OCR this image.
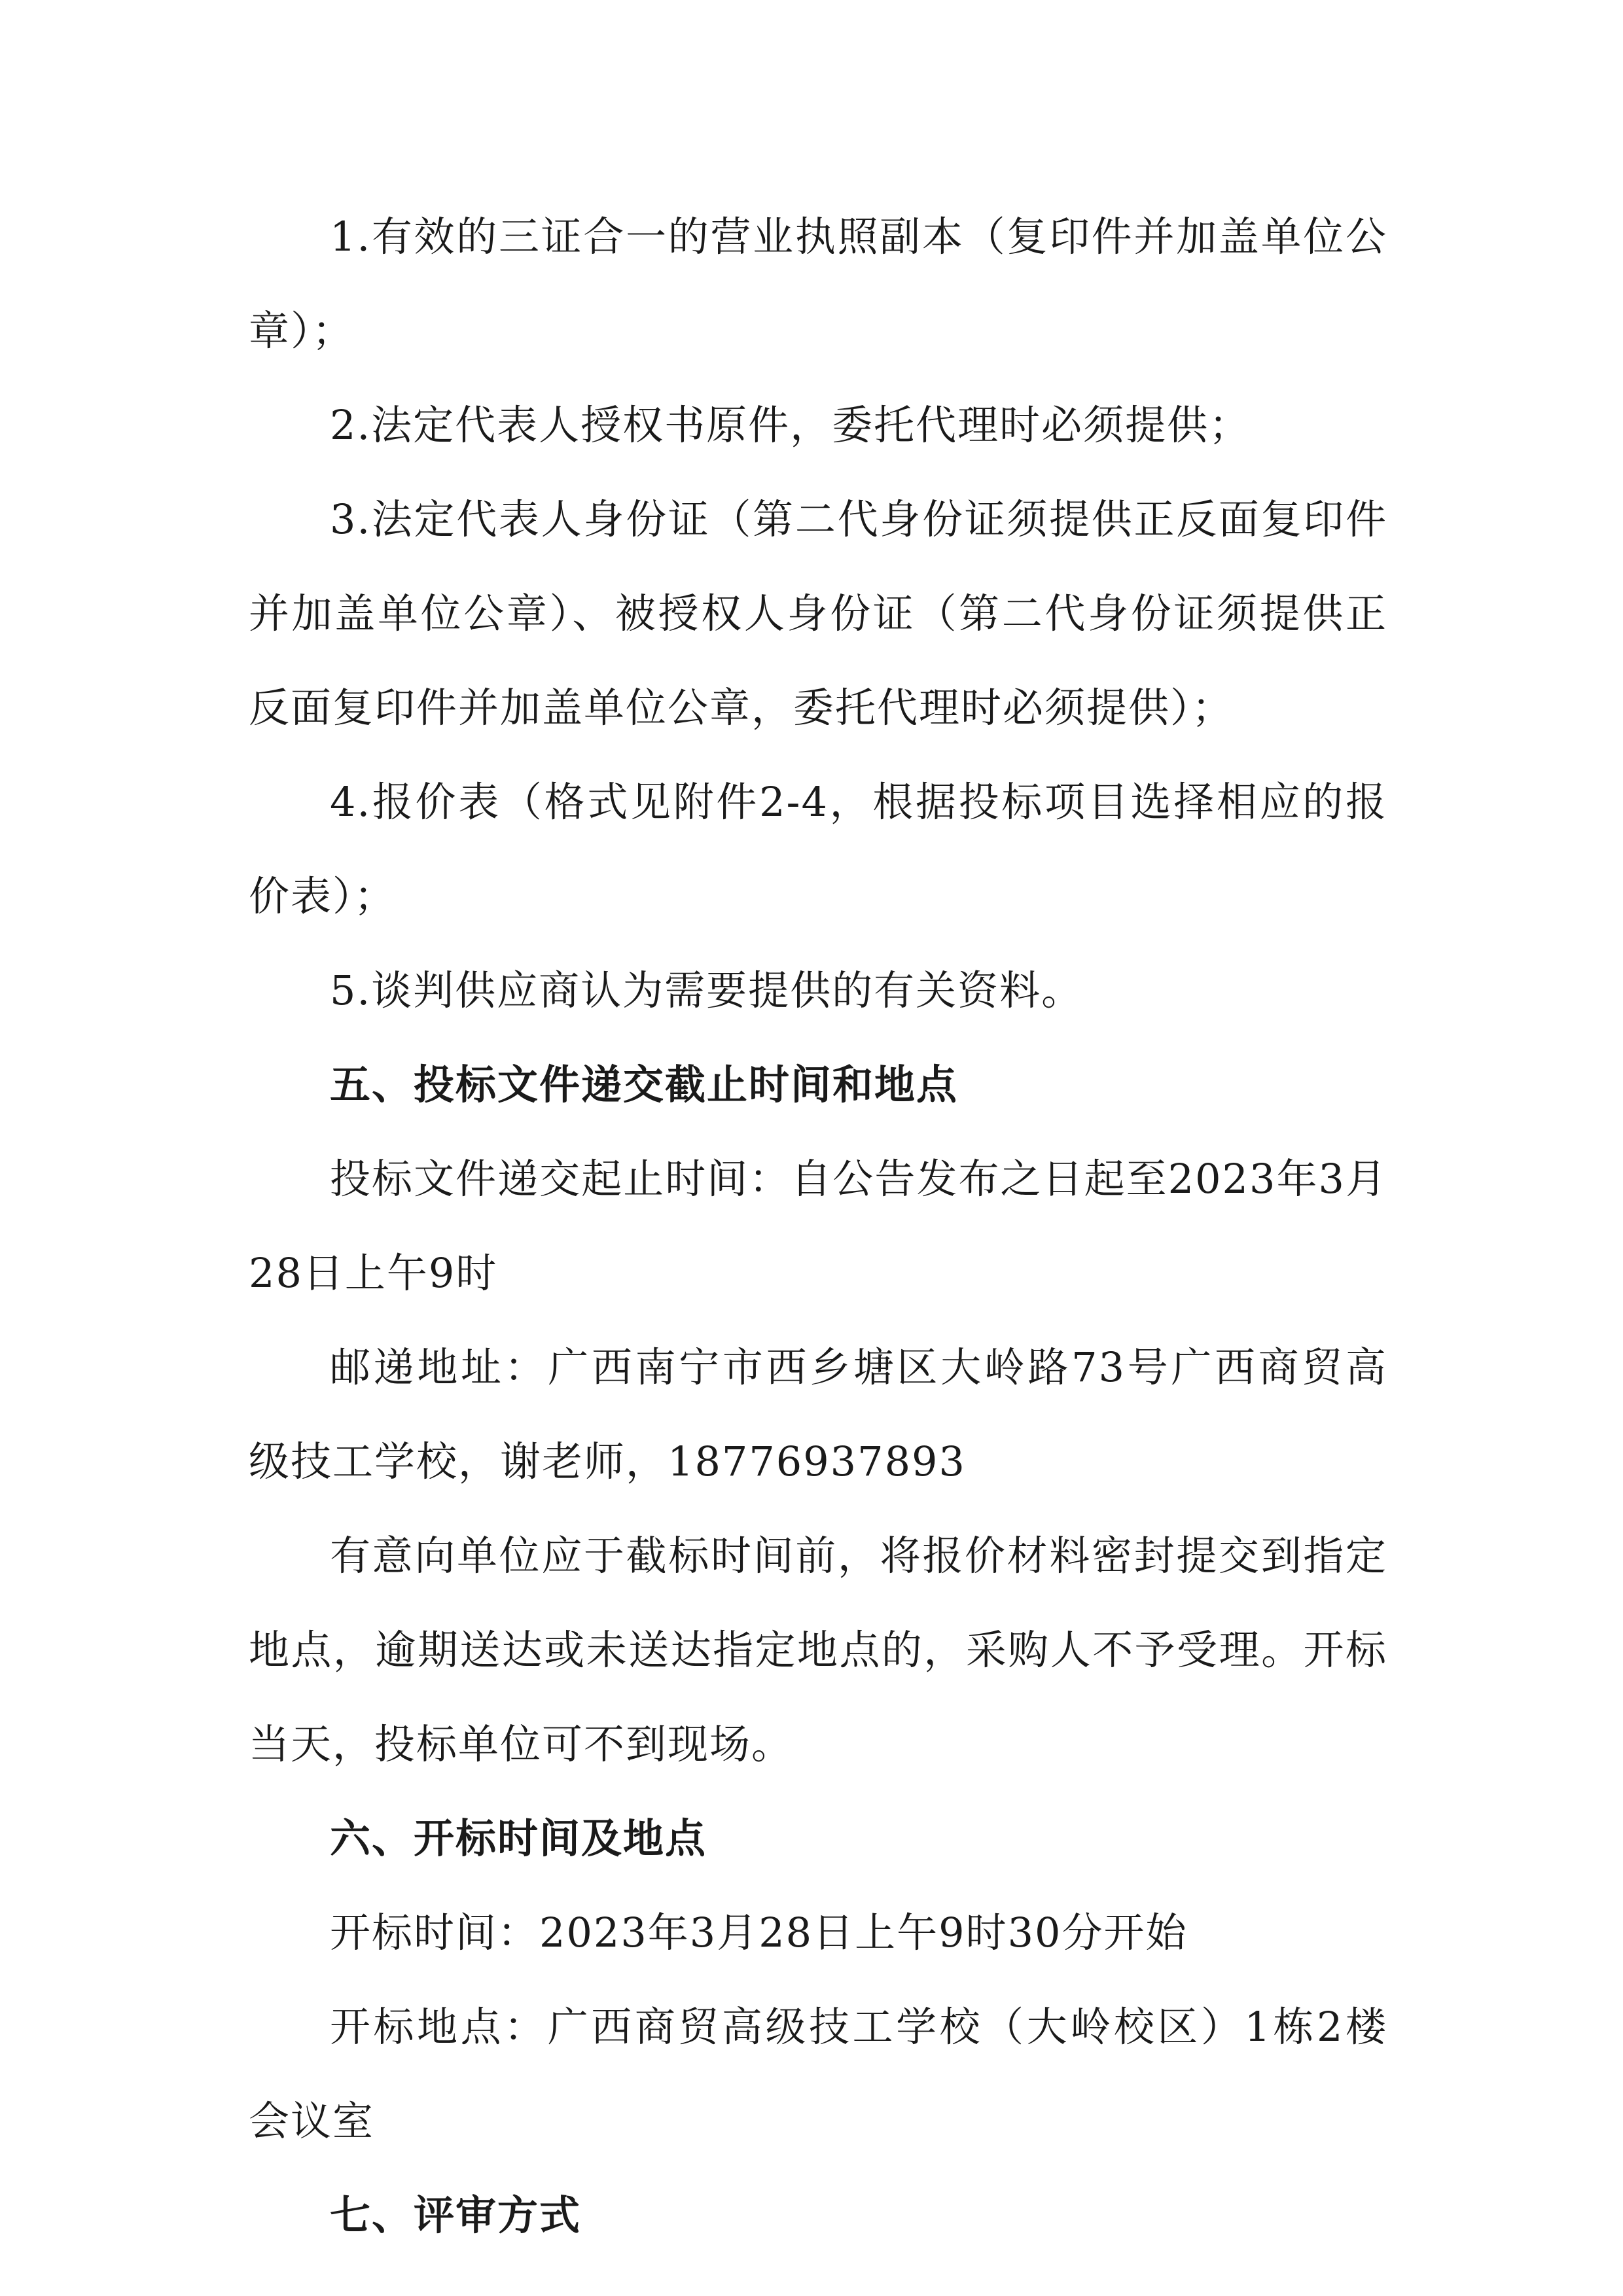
1.有效的三证合一的营业执照副本（复印件并加盖单位公章）；

2.法定代表人授权书原件，委托代理时必须提供；

3.法定代表人身份证（第二代身份证须提供正反面复印件并加盖单位公章）、被授权人身份证（第二代身份证须提供正反面复印件并加盖单位公章，委托代理时必须提供）；

4.报价表（格式见附件2-4，根据投标项目选择相应的报价表）；

5.谈判供应商认为需要提供的有关资料。

五、投标文件递交截止时间和地点

投标文件递交起止时间：自公告发布之日起至2023年3月28日上午9时

邮递地址：广西南宁市西乡塘区大岭路73号广西商贸高级技工学校，谢老师，18776937893

有意向单位应于截标时间前，将报价材料密封提交到指定地点，逾期送达或未送达指定地点的，采购人不予受理。开标当天，投标单位可不到现场。

六、开标时间及地点

开标时间：2023年3月28日上午9时30分开始

开标地点：广西商贸高级技工学校（大岭校区）1栋2楼会议室

七、评审方式
